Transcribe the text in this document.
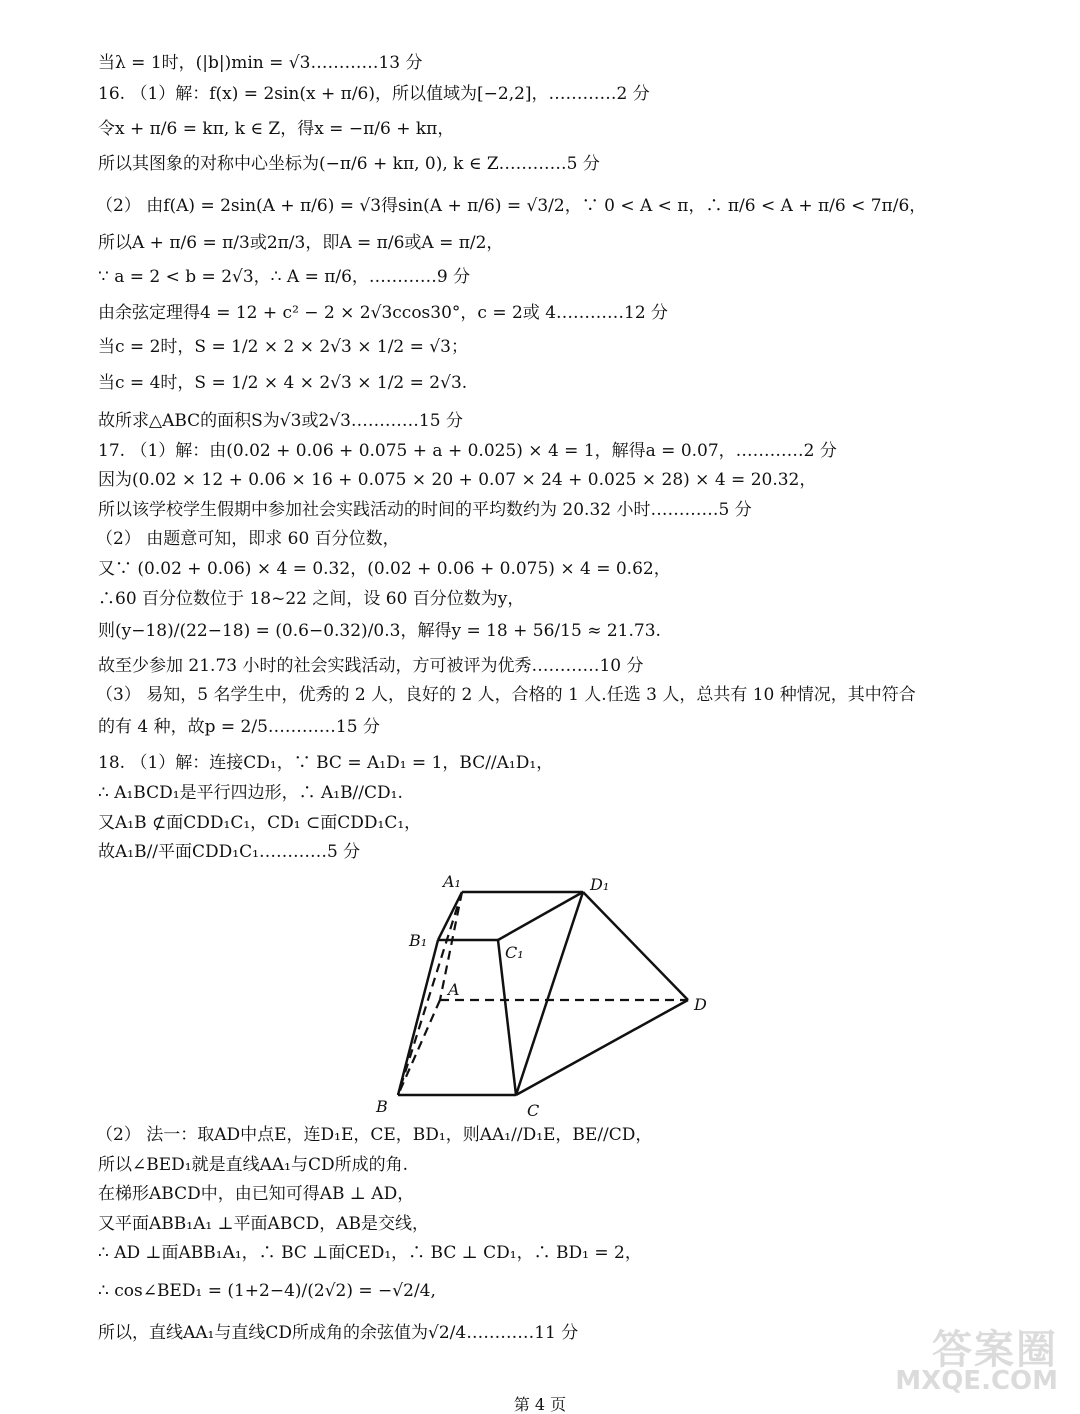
当λ = 1时，(|b|)min = √3…………13 分
16. （1）解：f(x) = 2sin(x + π/6)，所以值域为[−2,2]，…………2 分
令x + π/6 = kπ, k ∈ Z，得x = −π/6 + kπ，
所以其图象的对称中心坐标为(−π/6 + kπ, 0), k ∈ Z…………5 分
（2） 由f(A) = 2sin(A + π/6) = √3得sin(A + π/6) = √3/2，∵ 0 < A < π，∴ π/6 < A + π/6 < 7π/6，
所以A + π/6 = π/3或2π/3，即A = π/6或A = π/2，
∵ a = 2 < b = 2√3，∴ A = π/6，…………9 分
由余弦定理得4 = 12 + c² − 2 × 2√3ccos30°，c = 2或 4…………12 分
当c = 2时，S = 1/2 × 2 × 2√3 × 1/2 = √3；
当c = 4时，S = 1/2 × 4 × 2√3 × 1/2 = 2√3.
故所求△ABC的面积S为√3或2√3…………15 分
17. （1）解：由(0.02 + 0.06 + 0.075 + a + 0.025) × 4 = 1，解得a = 0.07，…………2 分
因为(0.02 × 12 + 0.06 × 16 + 0.075 × 20 + 0.07 × 24 + 0.025 × 28) × 4 = 20.32，
所以该学校学生假期中参加社会实践活动的时间的平均数约为 20.32 小时…………5 分
（2） 由题意可知，即求 60 百分位数，
又∵ (0.02 + 0.06) × 4 = 0.32，(0.02 + 0.06 + 0.075) × 4 = 0.62，
∴60 百分位数位于 18~22 之间，设 60 百分位数为y，
则(y−18)/(22−18) = (0.6−0.32)/0.3，解得y = 18 + 56/15 ≈ 21.73.
故至少参加 21.73 小时的社会实践活动，方可被评为优秀…………10 分
（3） 易知，5 名学生中，优秀的 2 人，良好的 2 人，合格的 1 人.任选 3 人，总共有 10 种情况，其中符合
的有 4 种，故p = 2/5…………15 分
18. （1）解：连接CD₁，∵ BC = A₁D₁ = 1，BC//A₁D₁，
∴ A₁BCD₁是平行四边形，∴ A₁B//CD₁.
又A₁B ⊄面CDD₁C₁，CD₁ ⊂面CDD₁C₁，
故A₁B//平面CDD₁C₁…………5 分
（2） 法一：取AD中点E，连D₁E，CE，BD₁，则AA₁//D₁E，BE//CD，
所以∠BED₁就是直线AA₁与CD所成的角.
在梯形ABCD中，由已知可得AB ⊥ AD，
又平面ABB₁A₁ ⊥平面ABCD，AB是交线，
∴ AD ⊥面ABB₁A₁，∴ BC ⊥面CED₁，∴ BC ⊥ CD₁，∴ BD₁ = 2，
∴ cos∠BED₁ = (1+2−4)/(2√2) = −√2/4,
所以，直线AA₁与直线CD所成角的余弦值为√2/4…………11 分
A₁	D₁
B₁
C₁
A
D
B	C
答案圈
MXQE.COM
第 4 页
